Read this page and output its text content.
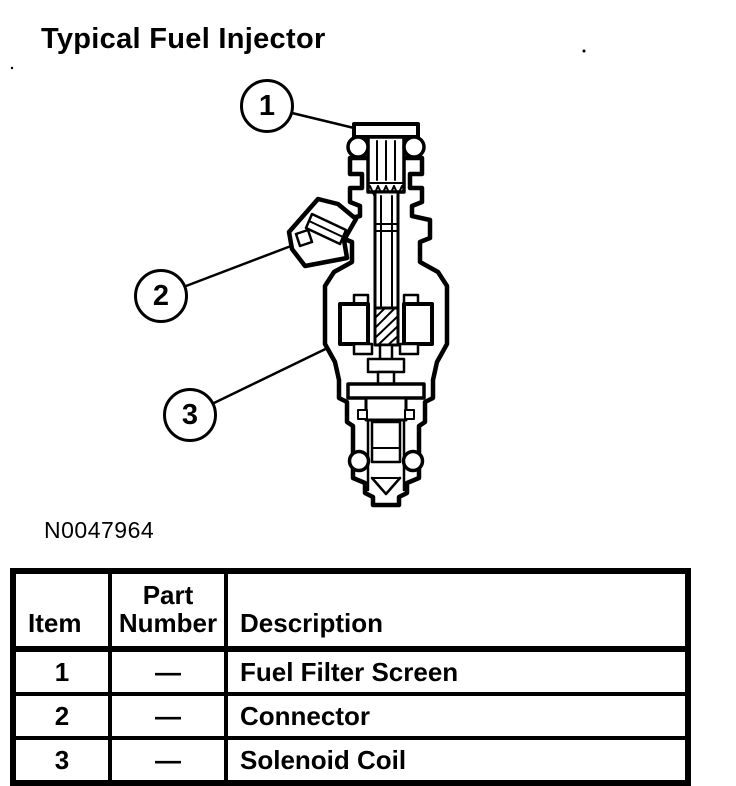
Typical Fuel Injector
1
2
3
N0047964
Item	Part Number	Description
1	—	Fuel Filter Screen
2	—	Connector
3	—	Solenoid Coil
